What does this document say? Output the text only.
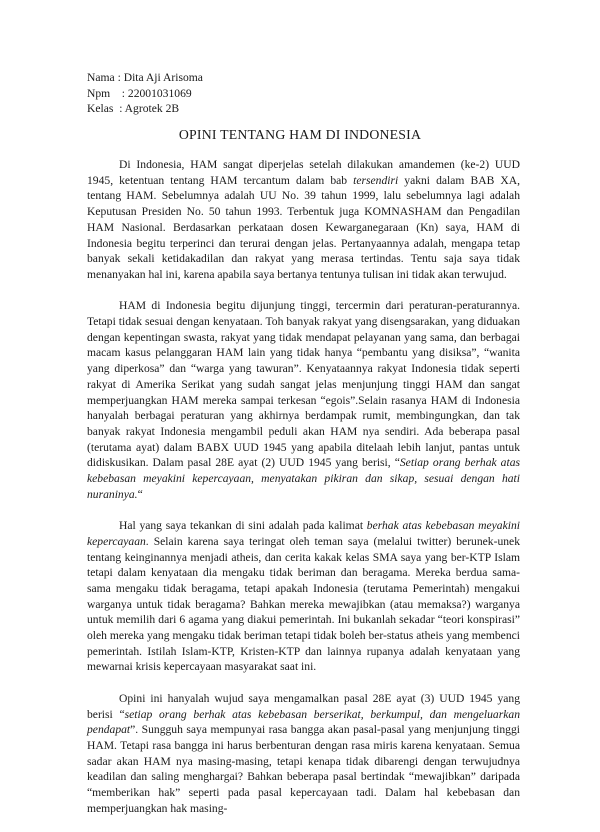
Nama : Dita Aji Arisoma
Npm    : 22001031069
Kelas  : Agrotek 2B
OPINI TENTANG HAM DI INDONESIA

Di Indonesia, HAM sangat diperjelas setelah dilakukan amandemen (ke-2) UUD 1945, ketentuan tentang HAM tercantum dalam bab tersendiri yakni dalam BAB XA, tentang HAM. Sebelumnya adalah UU No. 39 tahun 1999, lalu sebelumnya lagi adalah Keputusan Presiden No. 50 tahun 1993. Terbentuk juga KOMNASHAM dan Pengadilan HAM Nasional. Berdasarkan perkataan dosen Kewarganegaraan (Kn) saya, HAM di Indonesia begitu terperinci dan terurai dengan jelas. Pertanyaannya adalah, mengapa tetap banyak sekali ketidakadilan dan rakyat yang merasa tertindas. Tentu saja saya tidak menanyakan hal ini, karena apabila saya bertanya tentunya tulisan ini tidak akan terwujud.

HAM di Indonesia begitu dijunjung tinggi, tercermin dari peraturan-peraturannya. Tetapi tidak sesuai dengan kenyataan. Toh banyak rakyat yang disengsarakan, yang diduakan dengan kepentingan swasta, rakyat yang tidak mendapat pelayanan yang sama, dan berbagai macam kasus pelanggaran HAM lain yang tidak hanya “pembantu yang disiksa”, “wanita yang diperkosa” dan “warga yang tawuran”. Kenyataannya rakyat Indonesia tidak seperti rakyat di Amerika Serikat yang sudah sangat jelas menjunjung tinggi HAM dan sangat memperjuangkan HAM mereka sampai terkesan “egois”.Selain rasanya HAM di Indonesia hanyalah berbagai peraturan yang akhirnya berdampak rumit, membingungkan, dan tak banyak rakyat Indonesia mengambil peduli akan HAM nya sendiri. Ada beberapa pasal (terutama ayat) dalam BABX UUD 1945 yang apabila ditelaah lebih lanjut, pantas untuk didiskusikan. Dalam pasal 28E ayat (2) UUD 1945 yang berisi, “Setiap orang berhak atas kebebasan meyakini kepercayaan, menyatakan pikiran dan sikap, sesuai dengan hati nuraninya.“

Hal yang saya tekankan di sini adalah pada kalimat berhak atas kebebasan meyakini kepercayaan. Selain karena saya teringat oleh teman saya (melalui twitter) berunek-unek tentang keinginannya menjadi atheis, dan cerita kakak kelas SMA saya yang ber-KTP Islam tetapi dalam kenyataan dia mengaku tidak beriman dan beragama. Mereka berdua sama-sama mengaku tidak beragama, tetapi apakah Indonesia (terutama Pemerintah) mengakui warganya untuk tidak beragama? Bahkan mereka mewajibkan (atau memaksa?) warganya untuk memilih dari 6 agama yang diakui pemerintah. Ini bukanlah sekadar “teori konspirasi” oleh mereka yang mengaku tidak beriman tetapi tidak boleh ber-status atheis yang membenci pemerintah. Istilah Islam-KTP, Kristen-KTP dan lainnya rupanya adalah kenyataan yang mewarnai krisis kepercayaan masyarakat saat ini.

Opini ini hanyalah wujud saya mengamalkan pasal 28E ayat (3) UUD 1945 yang berisi “setiap orang berhak atas kebebasan berserikat, berkumpul, dan mengeluarkan pendapat”. Sungguh saya mempunyai rasa bangga akan pasal-pasal yang menjunjung tinggi HAM. Tetapi rasa bangga ini harus berbenturan dengan rasa miris karena kenyataan. Semua sadar akan HAM nya masing-masing, tetapi kenapa tidak dibarengi dengan terwujudnya keadilan dan saling menghargai? Bahkan beberapa pasal bertindak “mewajibkan” daripada “memberikan hak” seperti pada pasal kepercayaan tadi. Dalam hal kebebasan dan memperjuangkan hak masing-
